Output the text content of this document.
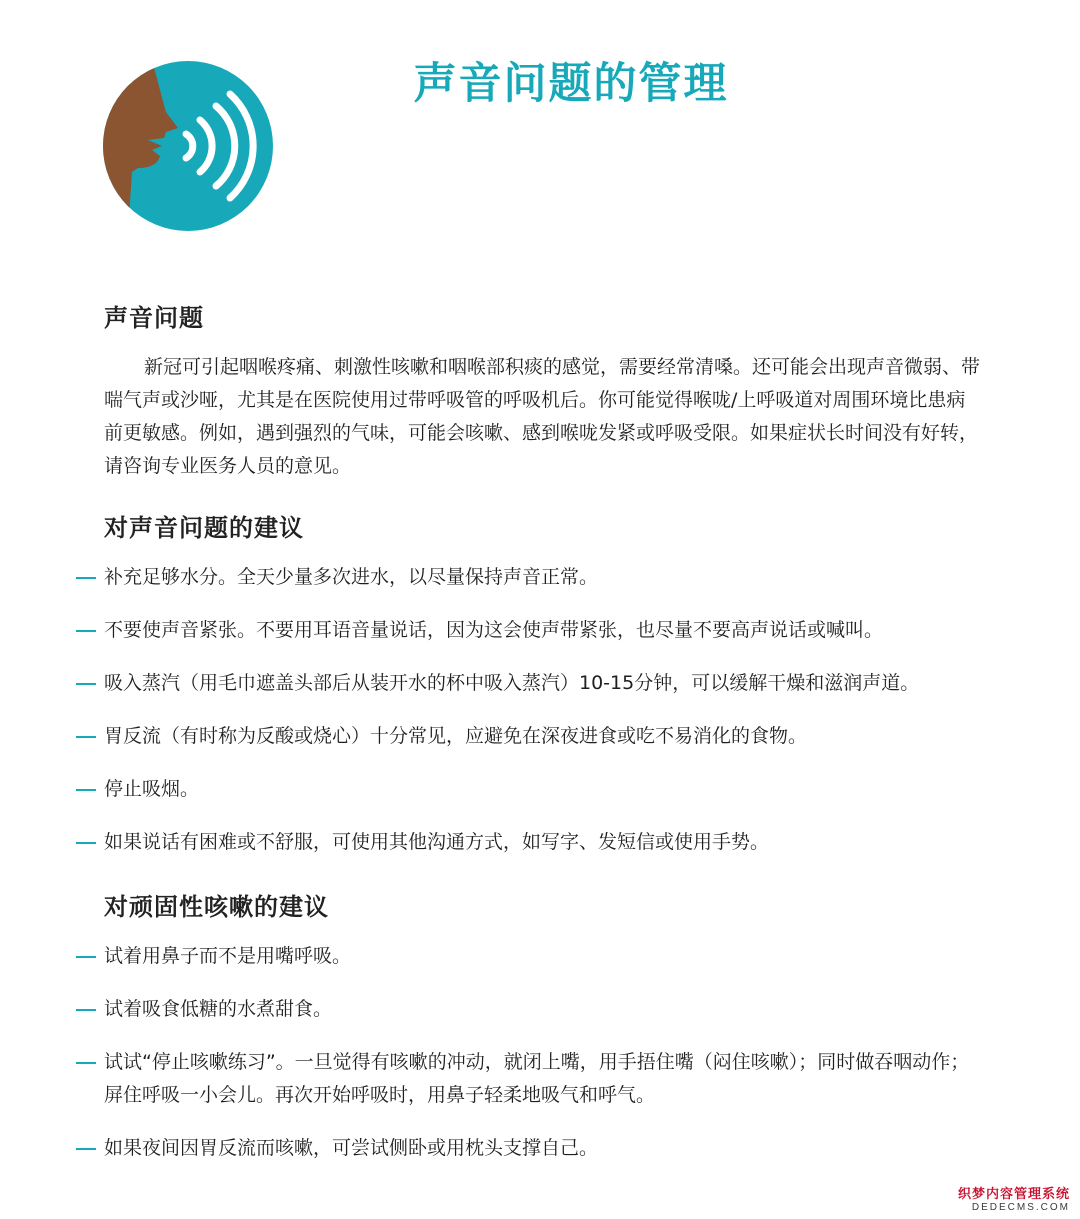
声音问题的管理
声音问题

新冠可引起咽喉疼痛、刺激性咳嗽和咽喉部积痰的感觉，需要经常清嗓。还可能会出现声音微弱、带喘气声或沙哑，尤其是在医院使用过带呼吸管的呼吸机后。你可能觉得喉咙/上呼吸道对周围环境比患病前更敏感。例如，遇到强烈的气味，可能会咳嗽、感到喉咙发紧或呼吸受限。如果症状长时间没有好转，请咨询专业医务人员的意见。

对声音问题的建议
补充足够水分。全天少量多次进水，以尽量保持声音正常。
不要使声音紧张。不要用耳语音量说话，因为这会使声带紧张，也尽量不要高声说话或喊叫。
吸入蒸汽（用毛巾遮盖头部后从装开水的杯中吸入蒸汽）10-15分钟，可以缓解干燥和滋润声道。
胃反流（有时称为反酸或烧心）十分常见，应避免在深夜进食或吃不易消化的食物。
停止吸烟。
如果说话有困难或不舒服，可使用其他沟通方式，如写字、发短信或使用手势。
对顽固性咳嗽的建议
试着用鼻子而不是用嘴呼吸。
试着吸食低糖的水煮甜食。
试试“停止咳嗽练习”。一旦觉得有咳嗽的冲动，就闭上嘴，用手捂住嘴（闷住咳嗽）；同时做吞咽动作；屏住呼吸一小会儿。再次开始呼吸时，用鼻子轻柔地吸气和呼气。
如果夜间因胃反流而咳嗽，可尝试侧卧或用枕头支撑自己。
织梦内容管理系统
DEDECMS.COM
